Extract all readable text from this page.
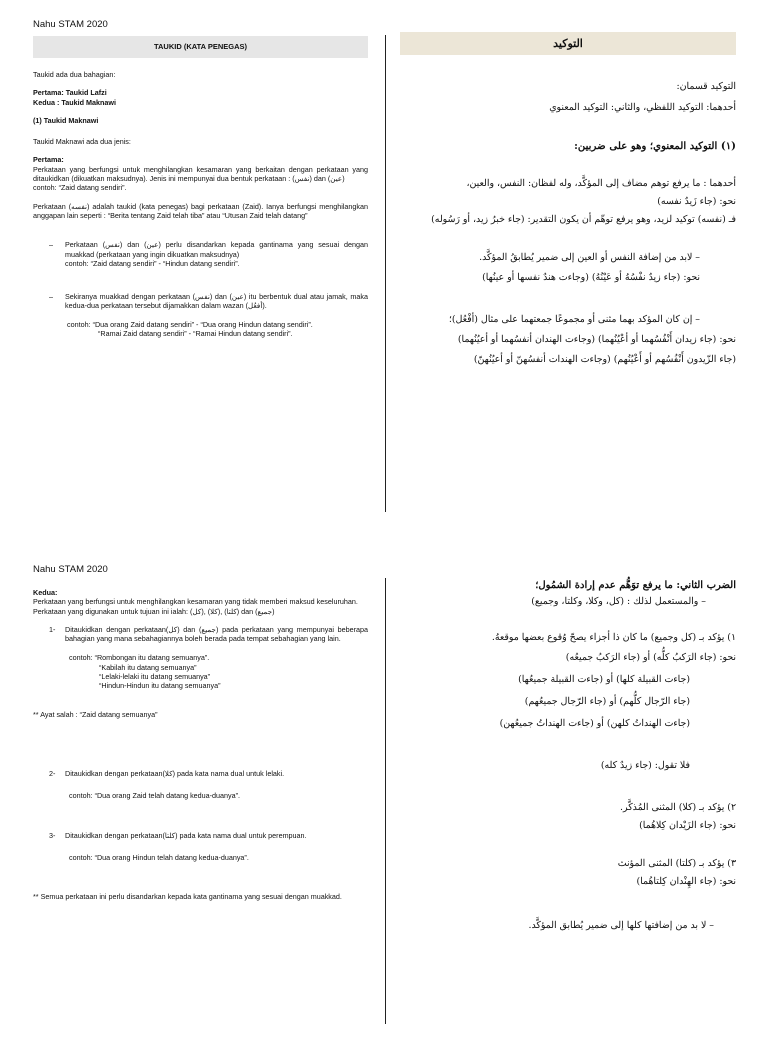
Nahu STAM 2020
TAUKID (KATA PENEGAS)	التوكيد

Taukid ada dua bahagian:

Pertama: Taukid Lafzi

Kedua : Taukid Maknawi

(1) Taukid Maknawi

Taukid Maknawi ada dua jenis:

Pertama:

Perkataan yang berfungsi untuk menghilangkan kesamaran yang berkaitan dengan perkataan yang ditaukidkan (dikuatkan maksudnya). Jenis ini mempunyai dua bentuk perkataan : (نفس) dan (عين)

contoh: “Zaid datang sendiri”.

Perkataan (نفسه) adalah taukid (kata penegas) bagi perkataan (Zaid). Ianya berfungsi menghilangkan anggapan lain seperti : “Berita tentang Zaid telah tiba” atau “Utusan Zaid telah datang”

–	Perkataan (نفس) dan (عين) perlu disandarkan kepada gantinama yang sesuai dengan muakkad (perkataan yang ingin dikuatkan maksudnya)

contoh: “Zaid datang sendiri” - “Hindun datang sendiri”.

–	Sekiranya muakkad dengan perkataan (نفس) dan (عين) itu berbentuk dual atau jamak, maka kedua-dua perkataan tersebut dijamakkan dalam wazan (أفعُل).

contoh: “Dua orang Zaid datang sendiri” - “Dua orang Hindun datang sendiri”.

“Ramai Zaid datang sendiri” - “Ramai Hindun datang sendiri”.

التوكيد قسمان:

أحدهما: التوكيد اللفظي، والثاني: التوكيد المعنوي

(١) التوكيد المعنوي؛ وهو على ضربين:

أحدهما : ما يرفع توهم مضاف إلى المؤكَّد، وله لفظان: النفس، والعين،

نحو: (جاء زَيدٌ نفسه)

فـ (نفسه) توكيد لزيد، وهو يرفع توهّم أن يكون التقدير: (جاء خبرُ زيد، أو رَسُوله)

– لابد من إضافة النفس أو العين إلى ضمير يُطابقُ المؤكَّد.

نحو: (جاء زيدٌ نفْسُهُ أو عَيْنُهُ) (وجاءت هندٌ نفسها أو عينُها)

– إن كان المؤكد بهما مثنى أو مجموعًا جمعتهما على مثال (أفْعُل)؛

نحو: (جاء زيدان أَنْفُسُهما أو أعْيُنُهما) (وجاءت الهندان أنفسُهما أو أعيُنُهما)

(جاء الزّيدون أَنْفُسُهم أو أَعْيُنُهم) (وجاءت الهندات أنفسُهنّ أو أعيُنُهنّ)

Nahu STAM 2020

Kedua:

Perkataan yang berfungsi untuk menghilangkan kesamaran yang tidak memberi maksud keseluruhan.

Perkataan yang digunakan untuk tujuan ini ialah: (كل), (كلا), (كلتا) dan (جميع)

1-	Ditaukidkan dengan perkataan(كل) dan (جميع) pada perkataan yang mempunyai beberapa bahagian yang mana sebahagiannya boleh berada pada tempat sebahagian yang lain.

contoh: “Rombongan itu datang semuanya”.

“Kabilah itu datang semuanya”

“Lelaki-lelaki itu datang semuanya”

“Hindun-Hindun itu datang semuanya”

** Ayat salah : “Zaid datang semuanya”

2-	Ditaukidkan dengan perkataan(كلا) pada kata nama dual untuk lelaki.

contoh: “Dua orang Zaid telah datang kedua-duanya”.

3-	Ditaukidkan dengan perkataan(كلتا) pada kata nama dual untuk perempuan.

contoh: “Dua orang Hindun telah datang kedua-duanya”.

** Semua perkataan ini perlu disandarkan kepada kata gantinama yang sesuai dengan muakkad.

الضرب الثاني: ما يرفع توَهُّم عدم إرادة الشمُول؛

– والمستعمل لذلك : (كل، وكلا، وكلتا، وجميع)

١) يؤكد بـ (كل وجميع) ما كان ذا أجزاء يصحّ وُقوع بعضها موقعهُ.

نحو: (جاء الرَكبُ كلُّه) أو (جاء الرَكبُ جميعُه)

(جاءت القبيلة كلها) أو (جاءت القبيلة جميعُها)

(جاء الرّجال كلُّهم) أو (جاء الرّجال جميعُهم)

(جاءت الهنداتُ كلهن) أو (جاءت الهنداتُ جميعُهن)

فلا تقول: (جاء زيدٌ كله)

٢) يؤكد بـ (كلا) المثنى المُذكَّر.

نحو: (جاء الزَيْدان كِلاهُما)

٣) يؤكد بـ (كلتا) المثنى المؤنث

نحو: (جاء الهِنْدان كِلتاهُما)

– لا بد من إضافتها كلها إلى ضمير يُطابق المؤكَّد.
